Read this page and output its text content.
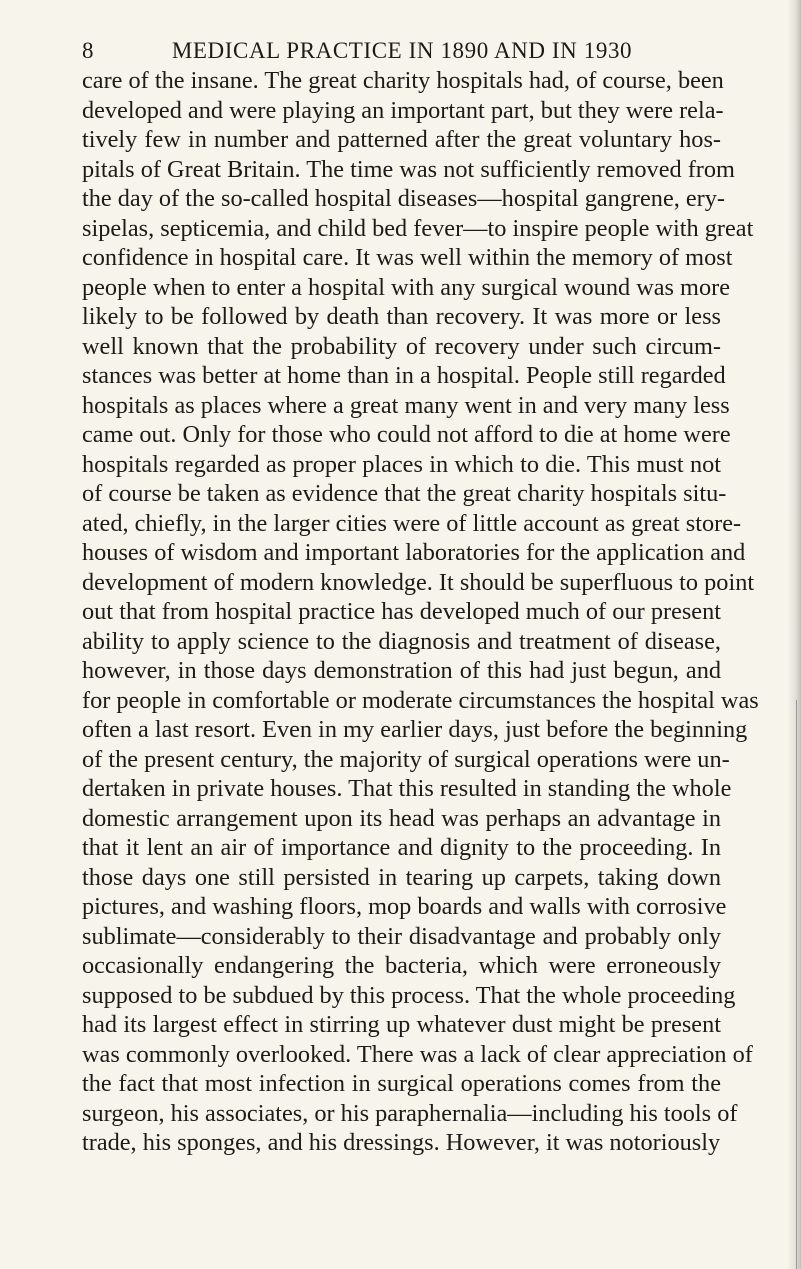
8	MEDICAL PRACTICE IN 1890 AND IN 1930
care of the insane. The great charity hospitals had, of course, been
developed and were playing an important part, but they were rela-
tively few in number and patterned after the great voluntary hos-
pitals of Great Britain. The time was not sufficiently removed from
the day of the so-called hospital diseases—hospital gangrene, ery-
sipelas, septicemia, and child bed fever—to inspire people with great
confidence in hospital care. It was well within the memory of most
people when to enter a hospital with any surgical wound was more
likely to be followed by death than recovery. It was more or less
well known that the probability of recovery under such circum-
stances was better at home than in a hospital. People still regarded
hospitals as places where a great many went in and very many less
came out. Only for those who could not afford to die at home were
hospitals regarded as proper places in which to die. This must not
of course be taken as evidence that the great charity hospitals situ-
ated, chiefly, in the larger cities were of little account as great store-
houses of wisdom and important laboratories for the application and
development of modern knowledge. It should be superfluous to point
out that from hospital practice has developed much of our present
ability to apply science to the diagnosis and treatment of disease,
however, in those days demonstration of this had just begun, and
for people in comfortable or moderate circumstances the hospital was
often a last resort. Even in my earlier days, just before the beginning
of the present century, the majority of surgical operations were un-
dertaken in private houses. That this resulted in standing the whole
domestic arrangement upon its head was perhaps an advantage in
that it lent an air of importance and dignity to the proceeding. In
those days one still persisted in tearing up carpets, taking down
pictures, and washing floors, mop boards and walls with corrosive
sublimate—considerably to their disadvantage and probably only
occasionally endangering the bacteria, which were erroneously
supposed to be subdued by this process. That the whole proceeding
had its largest effect in stirring up whatever dust might be present
was commonly overlooked. There was a lack of clear appreciation of
the fact that most infection in surgical operations comes from the
surgeon, his associates, or his paraphernalia—including his tools of
trade, his sponges, and his dressings. However, it was notoriously
